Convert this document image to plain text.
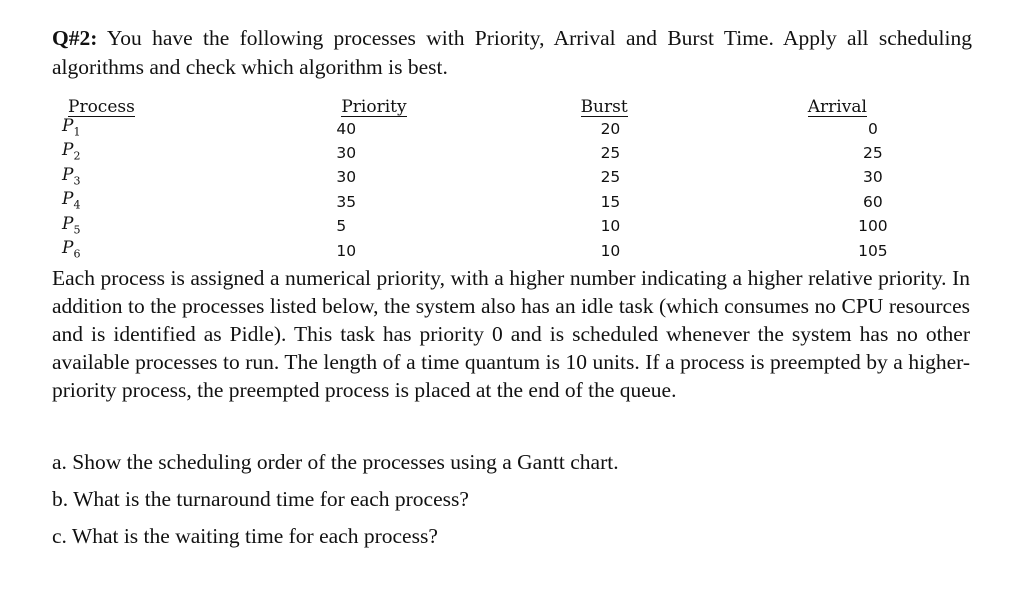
Q#2: You have the following processes with Priority, Arrival and Burst Time. Apply all scheduling algorithms and check which algorithm is best.
Process	Priority	Burst	Arrival
$P_1$	40	20	0
$P_2$	30	25	25
$P_3$	30	25	30
$P_4$	35	15	60
$P_5$	5	10	100
$P_6$	10	10	105
Each process is assigned a numerical priority, with a higher number indicating a higher relative priority. In addition to the processes listed below, the system also has an idle task (which consumes no CPU resources and is identified as Pidle). This task has priority 0 and is scheduled whenever the system has no other available processes to run. The length of a time quantum is 10 units. If a process is preempted by a higher-priority process, the preempted process is placed at the end of the queue.
a. Show the scheduling order of the processes using a Gantt chart.
b. What is the turnaround time for each process?
c. What is the waiting time for each process?
